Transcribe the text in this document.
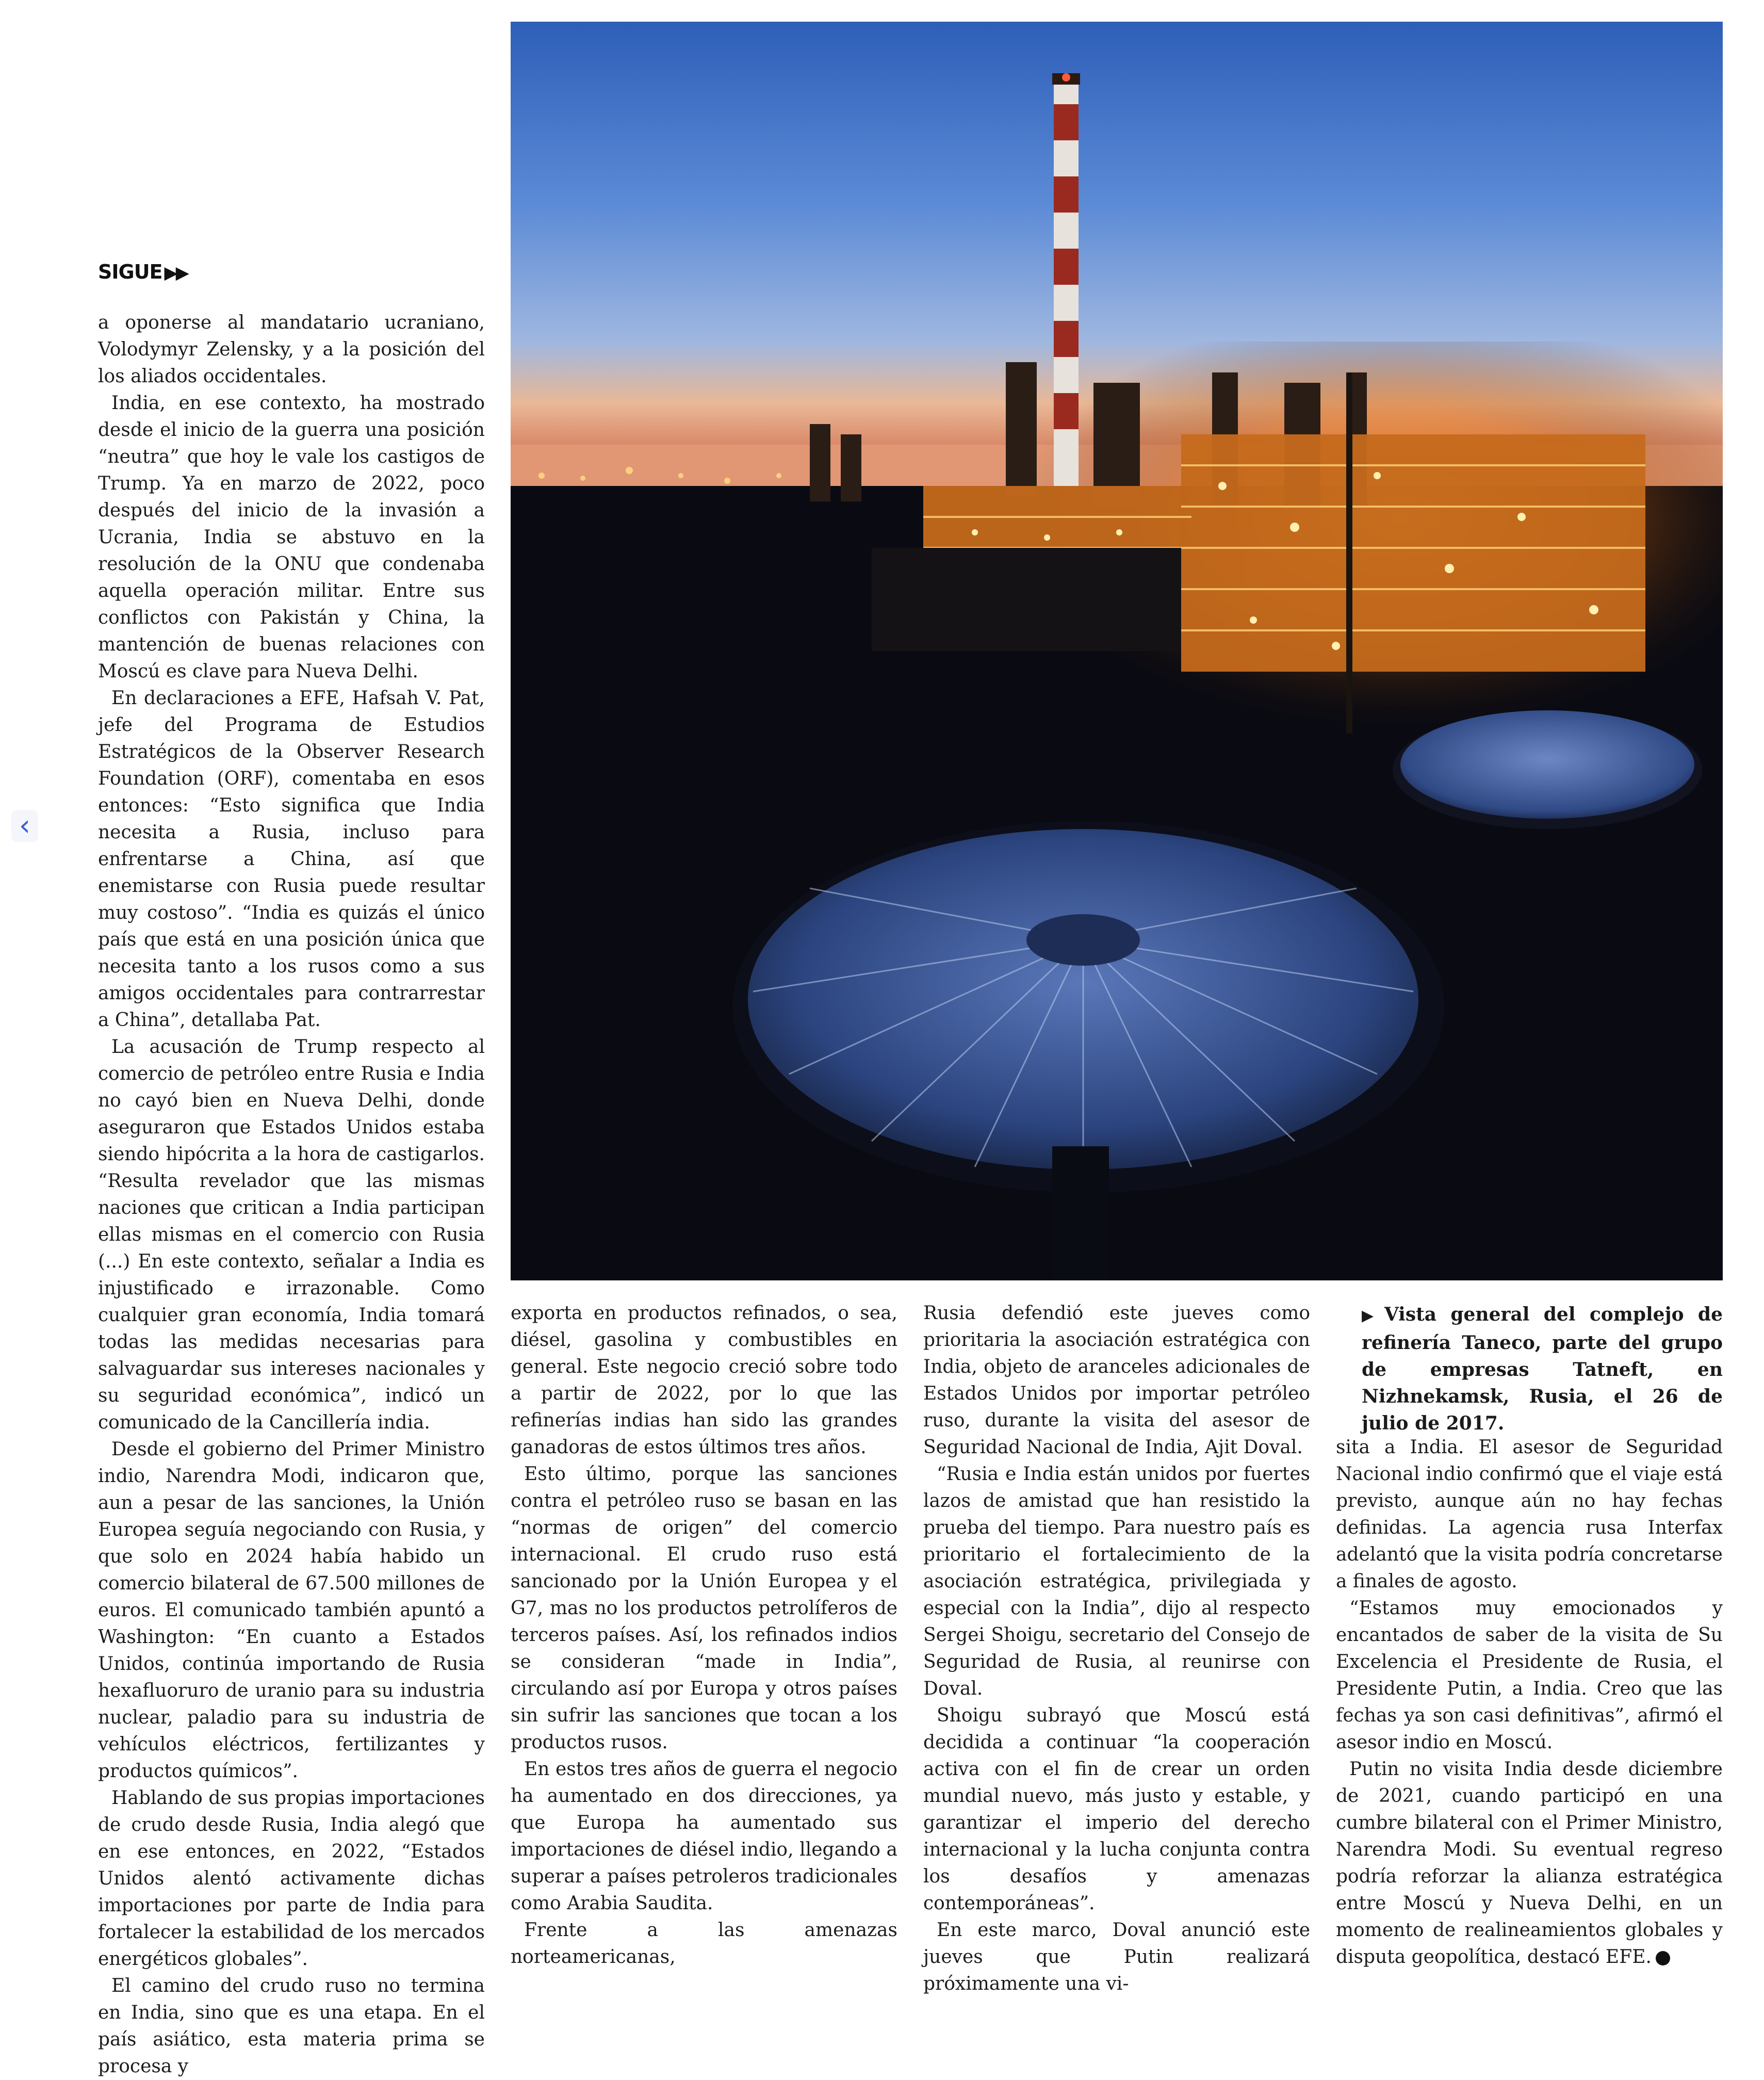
‹
SIGUE ▶▶

a oponerse al mandatario ucraniano, Volodymyr Zelensky, y a la posición del los aliados occidentales.

India, en ese contexto, ha mostrado desde el inicio de la guerra una posición “neutra” que hoy le vale los castigos de Trump. Ya en marzo de 2022, poco después del inicio de la invasión a Ucrania, India se abstuvo en la resolución de la ONU que condenaba aquella operación militar. Entre sus conflictos con Pakistán y China, la mantención de buenas relaciones con Moscú es clave para Nueva Delhi.

En declaraciones a EFE, Hafsah V. Pat, jefe del Programa de Estudios Estratégicos de la Observer Research Foundation (ORF), comentaba en esos entonces: “Esto significa que India necesita a Rusia, incluso para enfrentarse a China, así que enemistarse con Rusia puede resultar muy costoso”. “India es quizás el único país que está en una posición única que necesita tanto a los rusos como a sus amigos occidentales para contrarrestar a China”, detallaba Pat.

La acusación de Trump respecto al comercio de petróleo entre Rusia e India no cayó bien en Nueva Delhi, donde aseguraron que Estados Unidos estaba siendo hipócrita a la hora de castigarlos. “Resulta revelador que las mismas naciones que critican a India participan ellas mismas en el comercio con Rusia (...) En este contexto, señalar a India es injustificado e irrazonable. Como cualquier gran economía, India tomará todas las medidas necesarias para salvaguardar sus intereses nacionales y su seguridad económica”, indicó un comunicado de la Cancillería india.

Desde el gobierno del Primer Ministro indio, Narendra Modi, indicaron que, aun a pesar de las sanciones, la Unión Europea seguía negociando con Rusia, y que solo en 2024 había habido un comercio bilateral de 67.500 millones de euros. El comunicado también apuntó a Washington: “En cuanto a Estados Unidos, continúa importando de Rusia hexafluoruro de uranio para su industria nuclear, paladio para su industria de vehículos eléctricos, fertilizantes y productos químicos”.

Hablando de sus propias importaciones de crudo desde Rusia, India alegó que en ese entonces, en 2022, “Estados Unidos alentó activamente dichas importaciones por parte de India para fortalecer la estabilidad de los mercados energéticos globales”.

El camino del crudo ruso no termina en India, sino que es una etapa. En el país asiático, esta materia prima se procesa y

exporta en productos refinados, o sea, diésel, gasolina y combustibles en general. Este negocio creció sobre todo a partir de 2022, por lo que las refinerías indias han sido las grandes ganadoras de estos últimos tres años.

Esto último, porque las sanciones contra el petróleo ruso se basan en las “normas de origen” del comercio internacional. El crudo ruso está sancionado por la Unión Europea y el G7, mas no los productos petrolíferos de terceros países. Así, los refinados indios se consideran “made in India”, circulando así por Europa y otros países sin sufrir las sanciones que tocan a los productos rusos.

En estos tres años de guerra el negocio ha aumentado en dos direcciones, ya que Europa ha aumentado sus importaciones de diésel indio, llegando a superar a países petroleros tradicionales como Arabia Saudita.

Frente a las amenazas norteamericanas,

Rusia defendió este jueves como prioritaria la asociación estratégica con India, objeto de aranceles adicionales de Estados Unidos por importar petróleo ruso, durante la visita del asesor de Seguridad Nacional de India, Ajit Doval.

“Rusia e India están unidos por fuertes lazos de amistad que han resistido la prueba del tiempo. Para nuestro país es prioritario el fortalecimiento de la asociación estratégica, privilegiada y especial con la India”, dijo al respecto Sergei Shoigu, secretario del Consejo de Seguridad de Rusia, al reunirse con Doval.

Shoigu subrayó que Moscú está decidida a continuar “la cooperación activa con el fin de crear un orden mundial nuevo, más justo y estable, y garantizar el imperio del derecho internacional y la lucha conjunta contra los desafíos y amenazas contemporáneas”.

En este marco, Doval anunció este jueves que Putin realizará próximamente una vi-

▶ Vista general del complejo de refinería Taneco, parte del grupo de empresas Tatneft, en Nizhnekamsk, Rusia, el 26 de julio de 2017.

sita a India. El asesor de Seguridad Nacional indio confirmó que el viaje está previsto, aunque aún no hay fechas definidas. La agencia rusa Interfax adelantó que la visita podría concretarse a finales de agosto.

“Estamos muy emocionados y encantados de saber de la visita de Su Excelencia el Presidente de Rusia, el Presidente Putin, a India. Creo que las fechas ya son casi definitivas”, afirmó el asesor indio en Moscú.

Putin no visita India desde diciembre de 2021, cuando participó en una cumbre bilateral con el Primer Ministro, Narendra Modi. Su eventual regreso podría reforzar la alianza estratégica entre Moscú y Nueva Delhi, en un momento de realineamientos globales y disputa geopolítica, destacó EFE.
